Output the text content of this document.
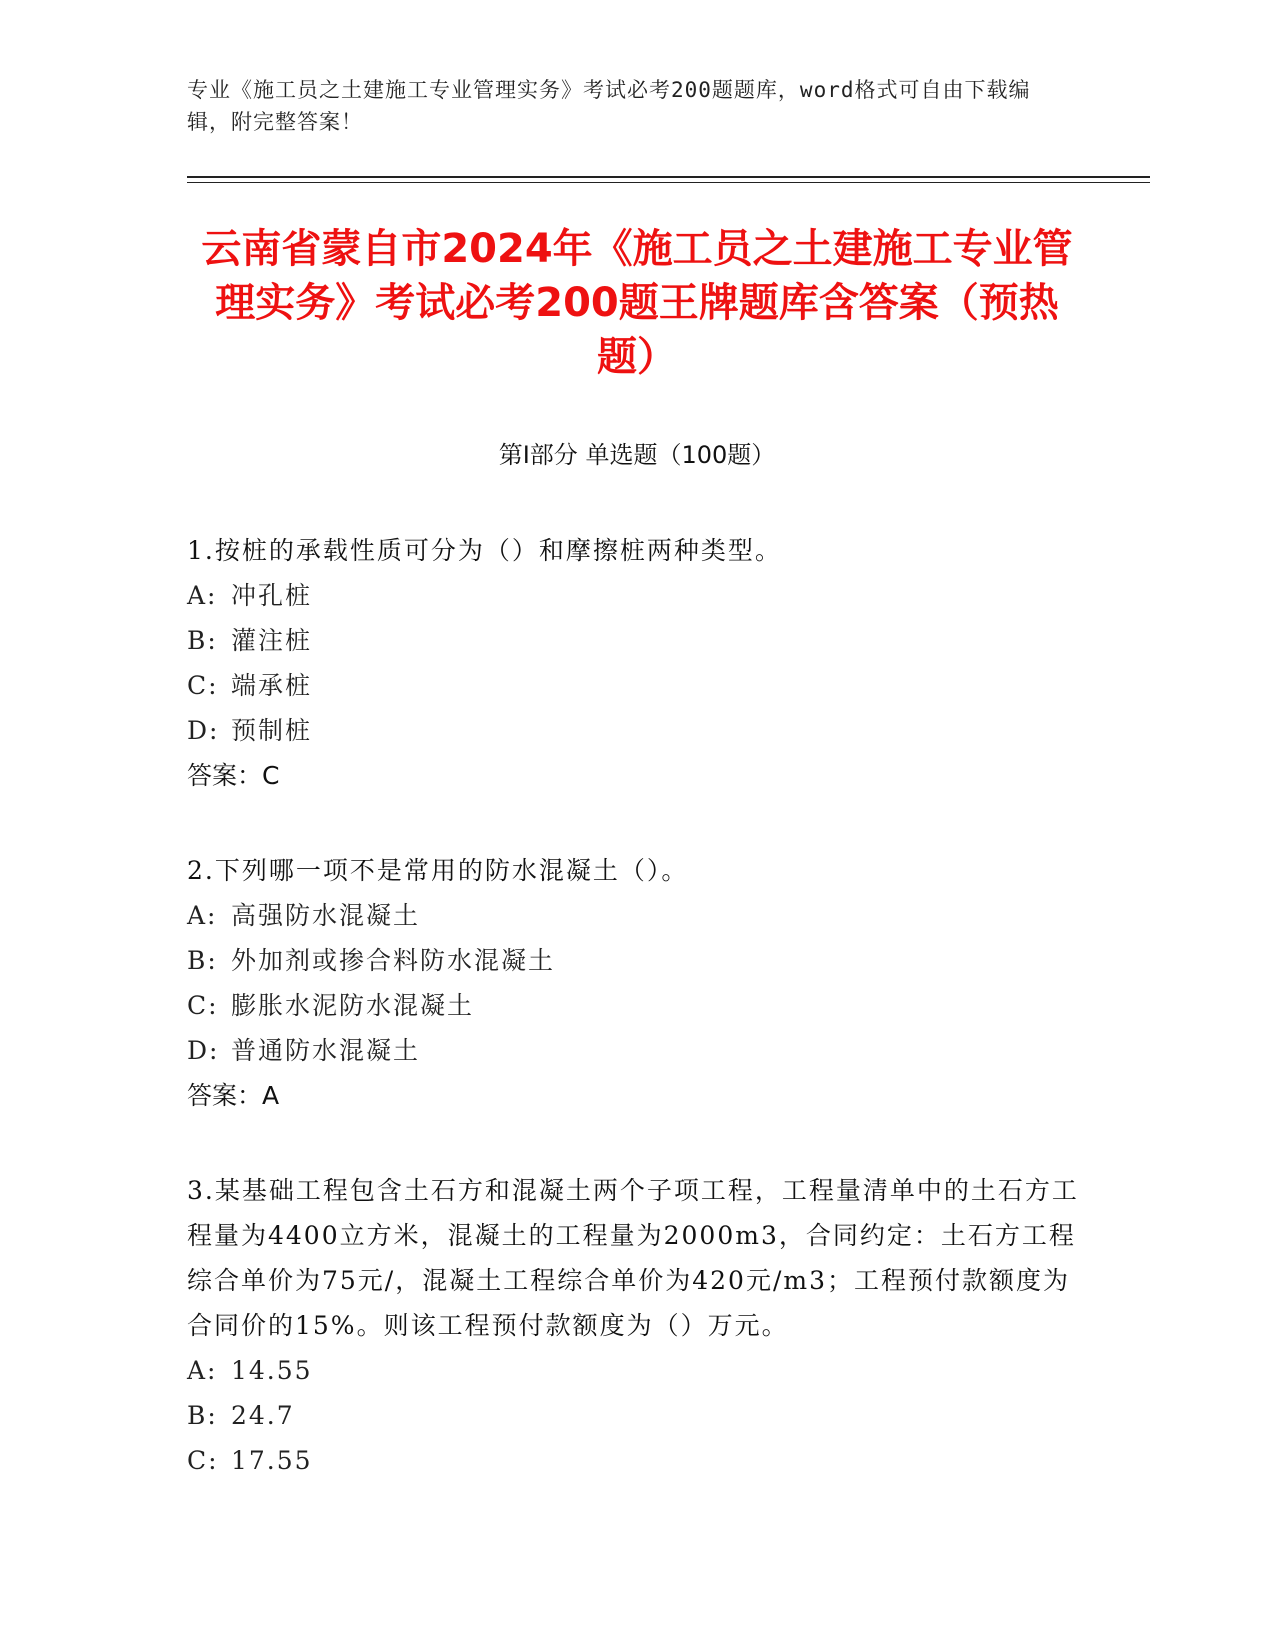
专业《施工员之土建施工专业管理实务》考试必考200题题库，word格式可自由下载编辑，附完整答案！
云南省蒙自市2024年《施工员之土建施工专业管理实务》考试必考200题王牌题库含答案（预热题）
第Ⅰ部分 单选题（100题）
1.按桩的承载性质可分为（）和摩擦桩两种类型。
A: 冲孔桩
B: 灌注桩
C: 端承桩
D: 预制桩
答案：C
2.下列哪一项不是常用的防水混凝土（）。
A: 高强防水混凝土
B: 外加剂或掺合料防水混凝土
C: 膨胀水泥防水混凝土
D: 普通防水混凝土
答案：A
3.某基础工程包含土石方和混凝土两个子项工程，工程量清单中的土石方工程量为4400立方米，混凝土的工程量为2000m3，合同约定：土石方工程综合单价为75元/，混凝土工程综合单价为420元/m3；工程预付款额度为合同价的15%。则该工程预付款额度为（）万元。
A: 14.55
B: 24.7
C: 17.55
